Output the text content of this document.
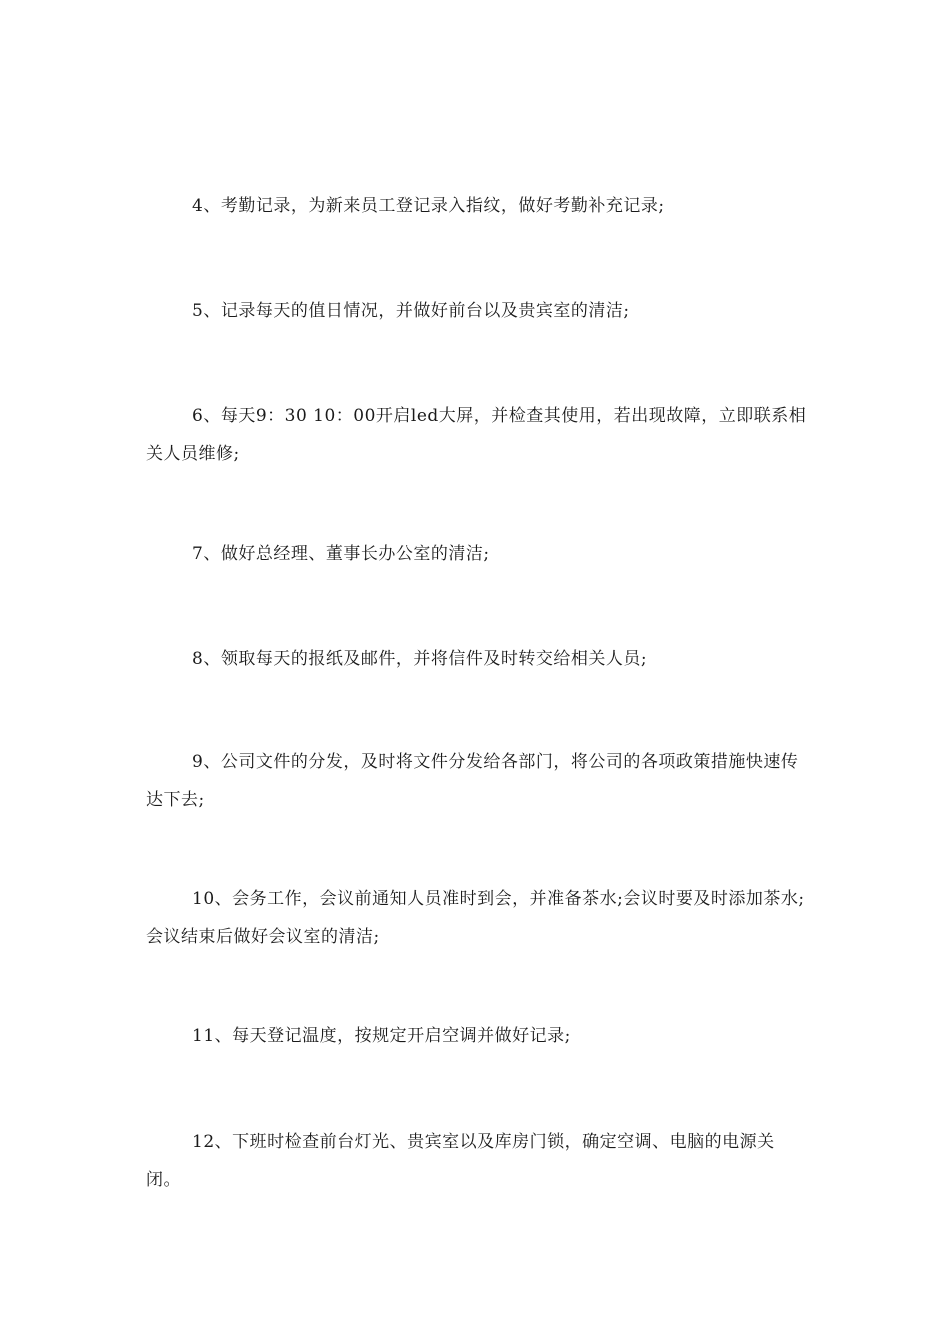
4、考勤记录，为新来员工登记录入指纹，做好考勤补充记录;

5、记录每天的值日情况，并做好前台以及贵宾室的清洁;

6、每天9：30 10：00开启led大屏，并检查其使用，若出现故障，立即联系相关人员维修;

7、做好总经理、董事长办公室的清洁;

8、领取每天的报纸及邮件，并将信件及时转交给相关人员;

9、公司文件的分发，及时将文件分发给各部门，将公司的各项政策措施快速传达下去;

10、会务工作，会议前通知人员准时到会，并准备茶水;会议时要及时添加茶水;会议结束后做好会议室的清洁;

11、每天登记温度，按规定开启空调并做好记录;

12、下班时检查前台灯光、贵宾室以及库房门锁，确定空调、电脑的电源关闭。
